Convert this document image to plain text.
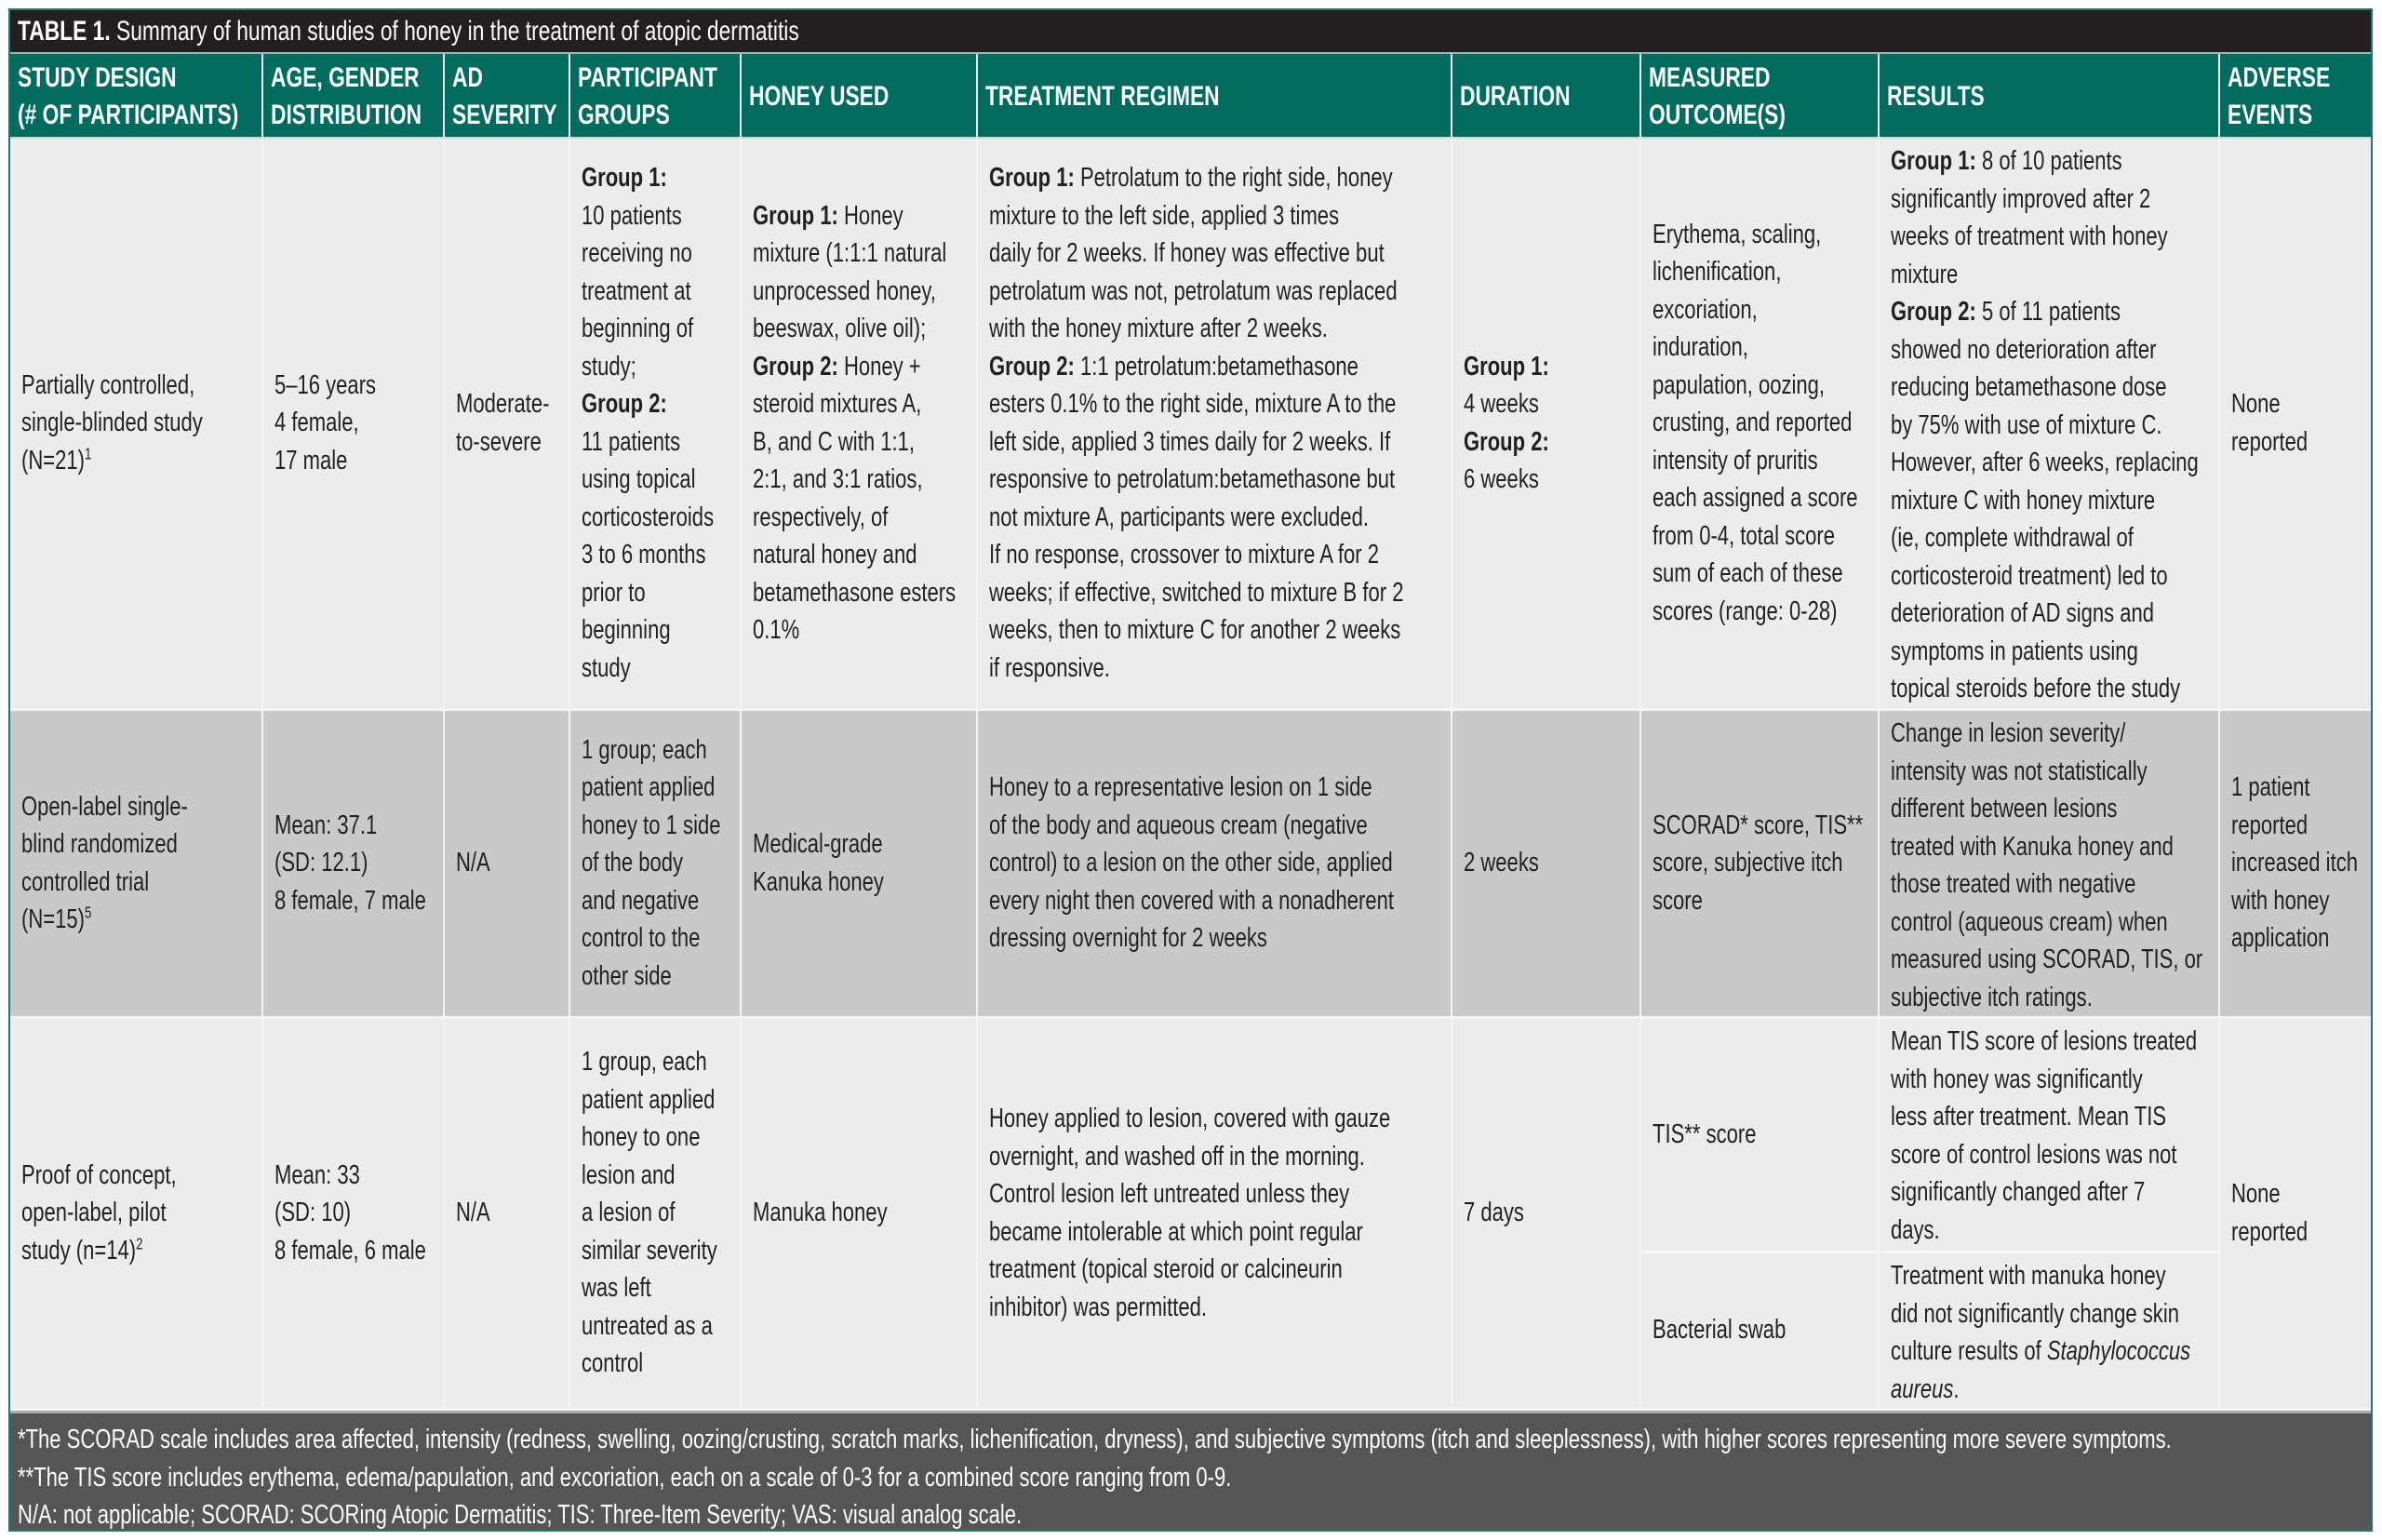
TABLE 1. Summary of human studies of honey in the treatment of atopic dermatitis
STUDY DESIGN
(# OF PARTICIPANTS)
AGE, GENDER
DISTRIBUTION
AD
SEVERITY
PARTICIPANT
GROUPS
HONEY USED	TREATMENT REGIMEN	DURATION
MEASURED
OUTCOME(S)
RESULTS
ADVERSE
EVENTS
Partially controlled,
single-blinded study
(N=21)$^1$
5–16 years
4 female,
17 male
Moderate-
to-severe
Group 1:
10 patients
receiving no
treatment at
beginning of
study;
Group 2:
11 patients
using topical
corticosteroids
3 to 6 months
prior to
beginning
study
Group 1: Honey
mixture (1:1:1 natural
unprocessed honey,
beeswax, olive oil);
Group 2: Honey +
steroid mixtures A,
B, and C with 1:1,
2:1, and 3:1 ratios,
respectively, of
natural honey and
betamethasone esters
0.1%
Group 1: Petrolatum to the right side, honey
mixture to the left side, applied 3 times
daily for 2 weeks. If honey was effective but
petrolatum was not, petrolatum was replaced
with the honey mixture after 2 weeks.
Group 2: 1:1 petrolatum:betamethasone
esters 0.1% to the right side, mixture A to the
left side, applied 3 times daily for 2 weeks. If
responsive to petrolatum:betamethasone but
not mixture A, participants were excluded.
If no response, crossover to mixture A for 2
weeks; if effective, switched to mixture B for 2
weeks, then to mixture C for another 2 weeks
if responsive.
Group 1:
4 weeks
Group 2:
6 weeks
Erythema, scaling,
lichenification,
excoriation,
induration,
papulation, oozing,
crusting, and reported
intensity of pruritis
each assigned a score
from 0-4, total score
sum of each of these
scores (range: 0-28)
Group 1: 8 of 10 patients
significantly improved after 2
weeks of treatment with honey
mixture
Group 2: 5 of 11 patients
showed no deterioration after
reducing betamethasone dose
by 75% with use of mixture C.
However, after 6 weeks, replacing
mixture C with honey mixture
(ie, complete withdrawal of
corticosteroid treatment) led to
deterioration of AD signs and
symptoms in patients using
topical steroids before the study
None
reported
Open-label single-
blind randomized
controlled trial
(N=15)$^5$
Mean: 37.1
(SD: 12.1)
8 female, 7 male
N/A
1 group; each
patient applied
honey to 1 side
of the body
and negative
control to the
other side
Medical-grade
Kanuka honey
Honey to a representative lesion on 1 side
of the body and aqueous cream (negative
control) to a lesion on the other side, applied
every night then covered with a nonadherent
dressing overnight for 2 weeks
2 weeks
SCORAD* score, TIS**
score, subjective itch
score
Change in lesion severity/
intensity was not statistically
different between lesions
treated with Kanuka honey and
those treated with negative
control (aqueous cream) when
measured using SCORAD, TIS, or
subjective itch ratings.
1 patient
reported
increased itch
with honey
application
Proof of concept,
open-label, pilot
study (n=14)$^2$
Mean: 33
(SD: 10)
8 female, 6 male
N/A
1 group, each
patient applied
honey to one
lesion and
a lesion of
similar severity
was left
untreated as a
control
Manuka honey
Honey applied to lesion, covered with gauze
overnight, and washed off in the morning.
Control lesion left untreated unless they
became intolerable at which point regular
treatment (topical steroid or calcineurin
inhibitor) was permitted.
7 days
TIS** score
Mean TIS score of lesions treated
with honey was significantly
less after treatment. Mean TIS
score of control lesions was not
significantly changed after 7
days.
Bacterial swab
Treatment with manuka honey
did not significantly change skin
culture results of Staphylococcus
aureus.
None
reported
*The SCORAD scale includes area affected, intensity (redness, swelling, oozing/crusting, scratch marks, lichenification, dryness), and subjective symptoms (itch and sleeplessness), with higher scores representing more severe symptoms.
**The TIS score includes erythema, edema/papulation, and excoriation, each on a scale of 0-3 for a combined score ranging from 0-9.
N/A: not applicable; SCORAD: SCORing Atopic Dermatitis; TIS: Three-Item Severity; VAS: visual analog scale.
